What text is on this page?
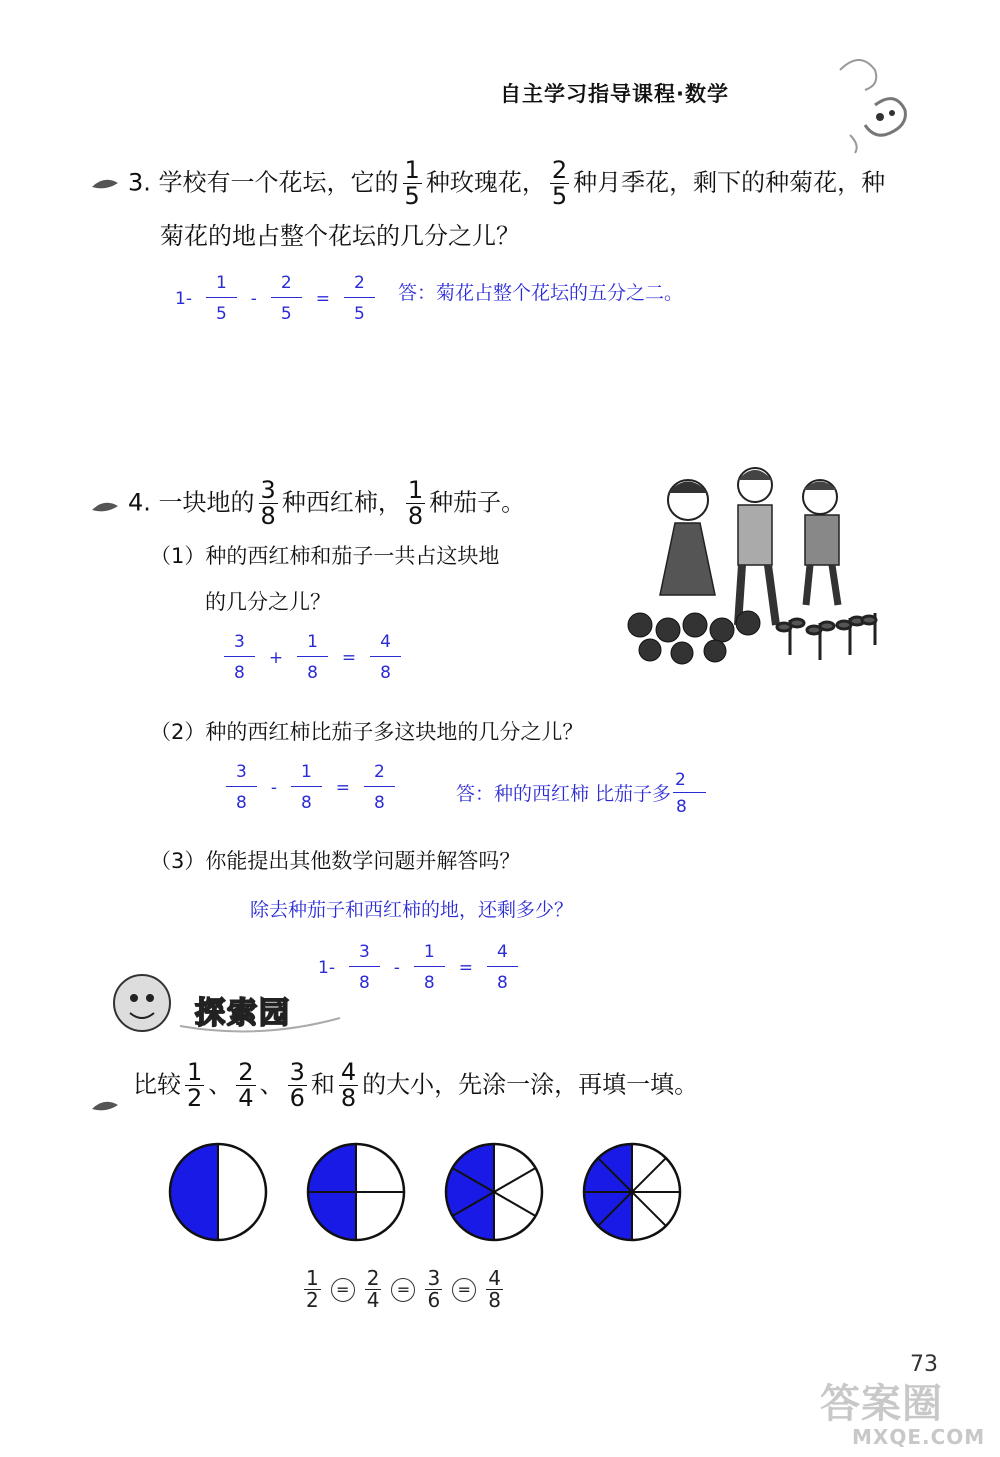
自主学习指导课程·数学
3. 学校有一个花坛，它的 $\frac{1}{5}$ 种玫瑰花， $\frac{2}{5}$ 种月季花，剩下的种菊花，种
菊花的地占整个花坛的几分之儿？
$1- \frac{1}{5} - \frac{2}{5} = \frac{2}{5}$ 答：菊花占整个花坛的五分之二。
4. 一块地的 $\frac{3}{8}$ 种西红柿， $\frac{1}{8}$ 种茄子。
（1）种的西红柿和茄子一共占这块地
的几分之儿？
$\frac{3}{8} + \frac{1}{8} = \frac{4}{8}$
（2）种的西红柿比茄子多这块地的几分之儿？
$\frac{3}{8} - \frac{1}{8} = \frac{2}{8}$	答：种的西红柿 比茄子多 $\frac{2}{8}$
（3）你能提出其他数学问题并解答吗？
除去种茄子和西红柿的地，还剩多少？
$1- \frac{3}{8} - \frac{1}{8} = \frac{4}{8}$
探索园
比较 $\frac{1}{2}$ 、 $\frac{2}{4}$ 、 $\frac{3}{6}$ 和 $\frac{4}{8}$ 的大小，先涂一涂，再填一填。
$\frac{1}{2} = \frac{2}{4} = \frac{3}{6} = \frac{4}{8}$
73
答案圈
MXQE.COM
